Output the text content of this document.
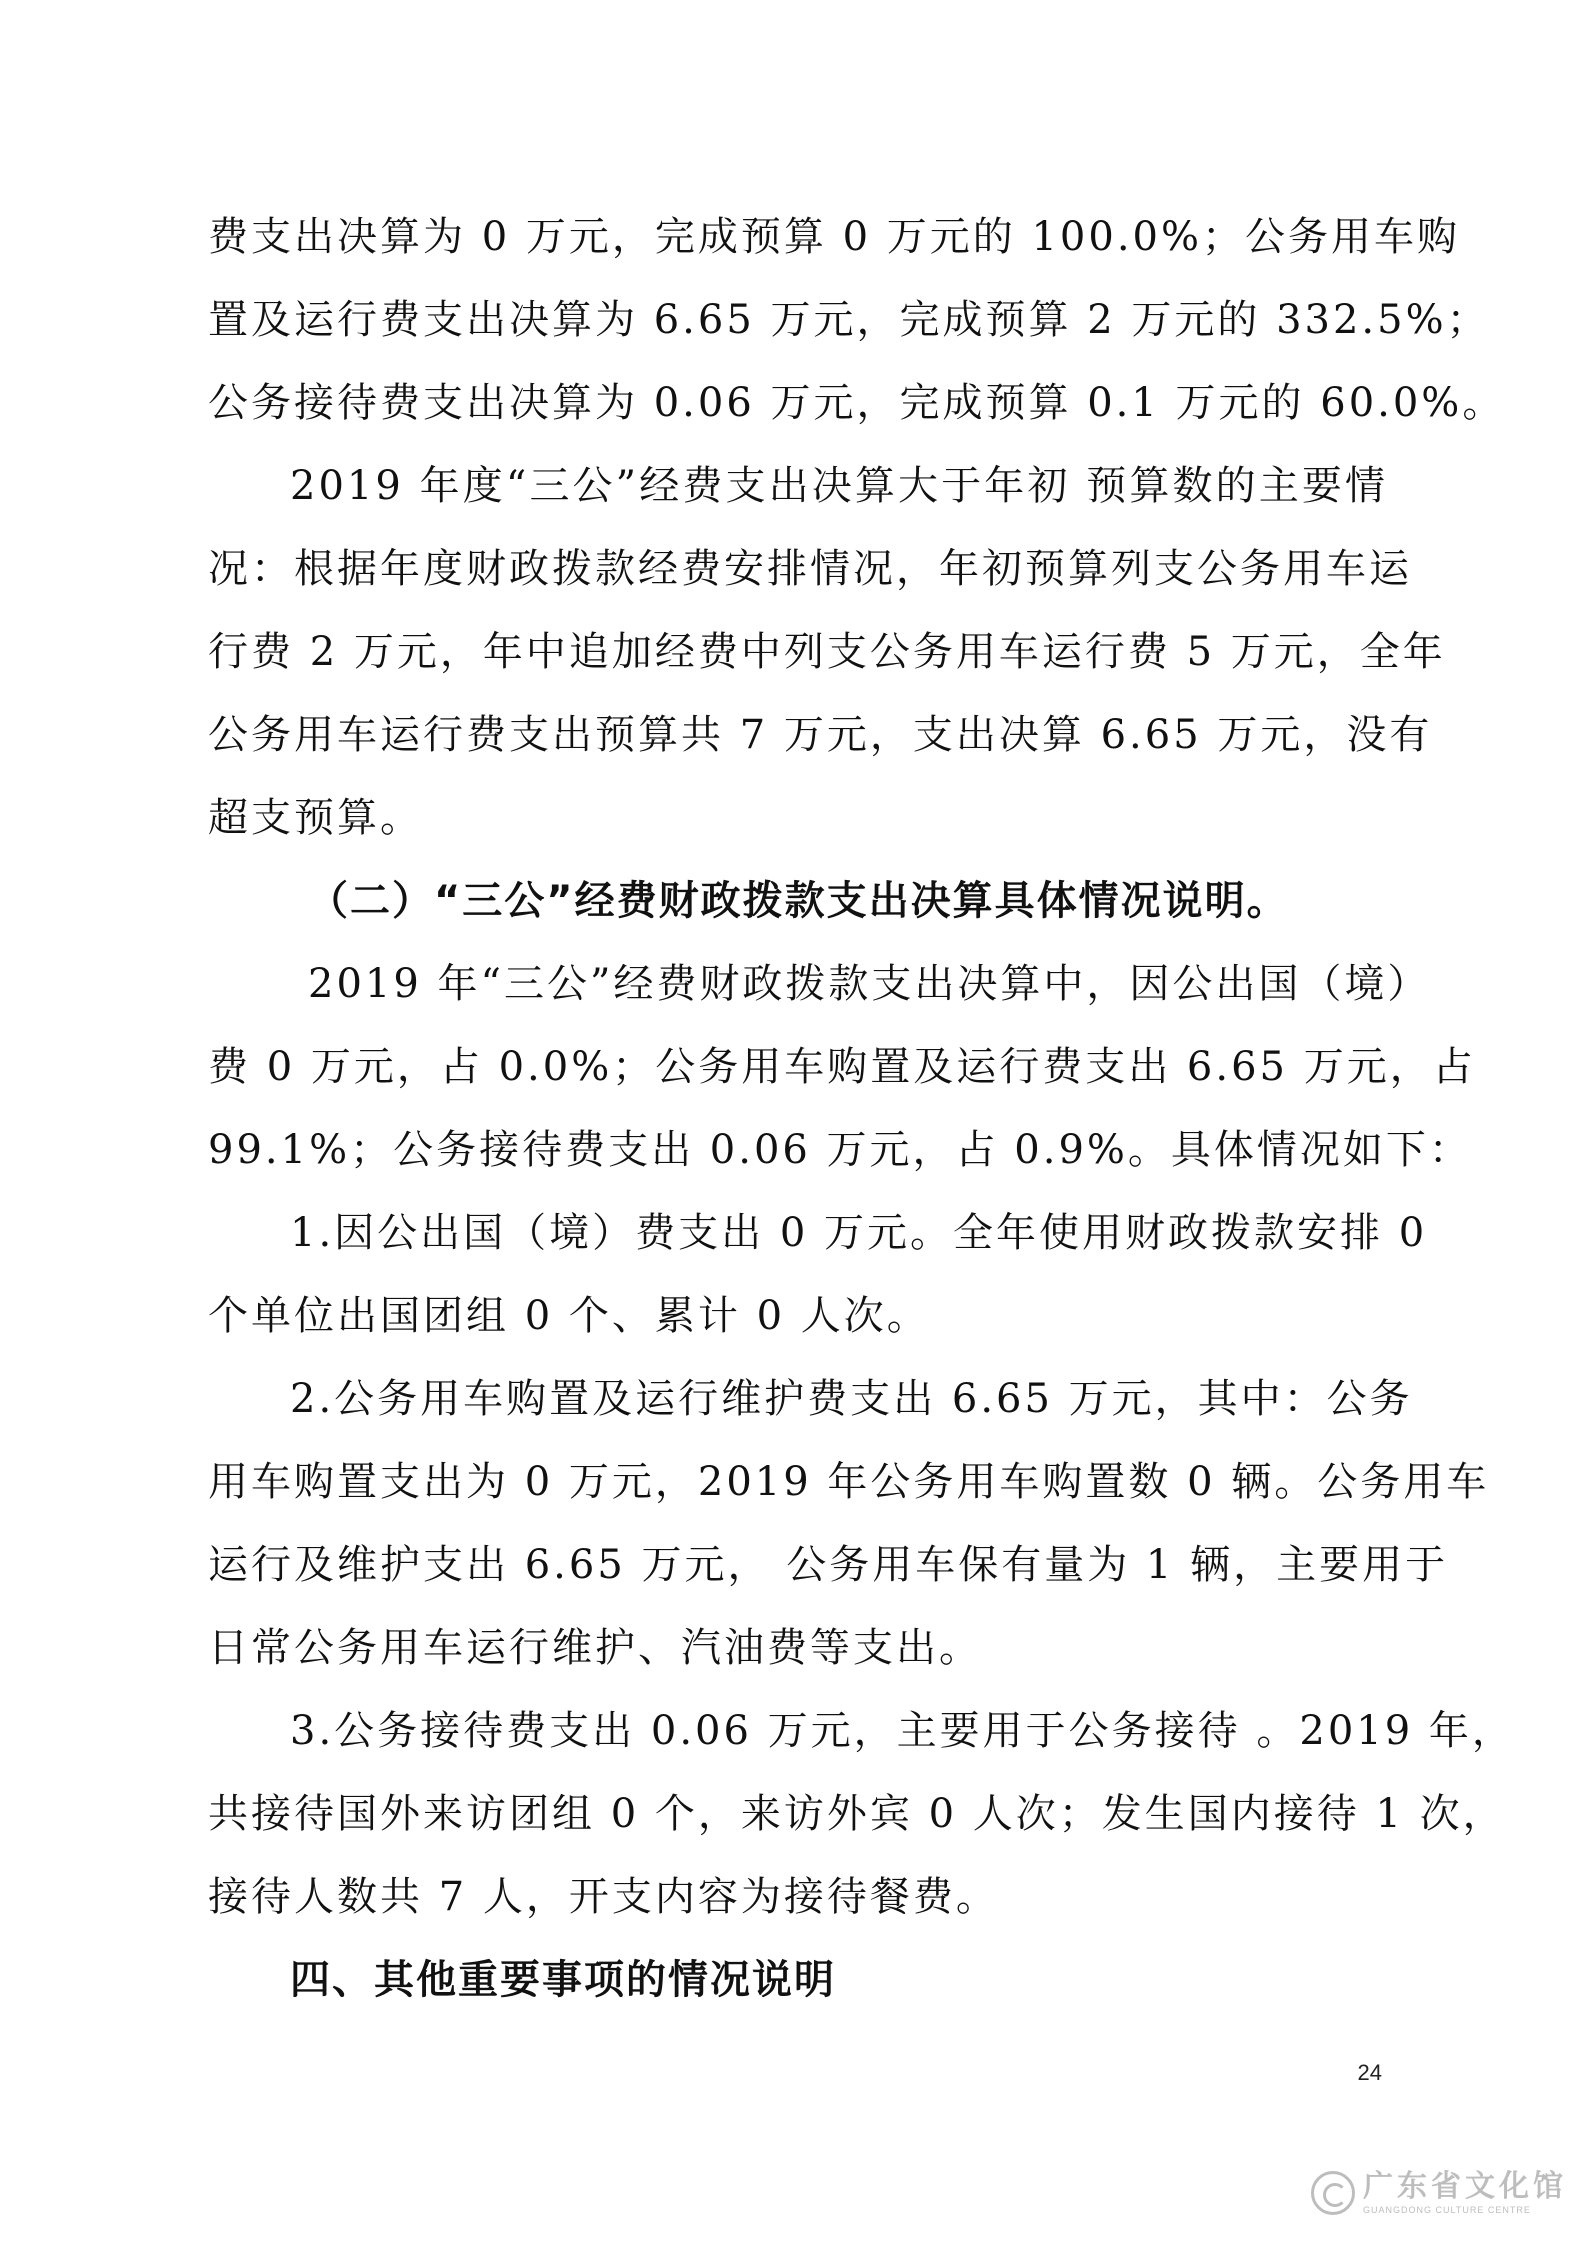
费支出决算为 0 万元，完成预算 0 万元的 100.0%；公务用车购
置及运行费支出决算为 6.65 万元，完成预算 2 万元的 332.5%；
公务接待费支出决算为 0.06 万元，完成预算 0.1 万元的 60.0%。
2019 年度“三公”经费支出决算大于年初 预算数的主要情
况：根据年度财政拨款经费安排情况，年初预算列支公务用车运
行费 2 万元，年中追加经费中列支公务用车运行费 5 万元，全年
公务用车运行费支出预算共 7 万元，支出决算 6.65 万元，没有
超支预算。
（二）“三公”经费财政拨款支出决算具体情况说明。
2019 年“三公”经费财政拨款支出决算中，因公出国（境）
费 0 万元，占 0.0%；公务用车购置及运行费支出 6.65 万元，占
99.1%；公务接待费支出 0.06 万元，占 0.9%。具体情况如下：
1.因公出国（境）费支出 0 万元。全年使用财政拨款安排 0
个单位出国团组 0 个、累计 0 人次。
2.公务用车购置及运行维护费支出 6.65 万元，其中：公务
用车购置支出为 0 万元，2019 年公务用车购置数 0 辆。公务用车
运行及维护支出 6.65 万元， 公务用车保有量为 1 辆，主要用于
日常公务用车运行维护、汽油费等支出。
3.公务接待费支出 0.06 万元，主要用于公务接待 。2019 年，
共接待国外来访团组 0 个，来访外宾 0 人次；发生国内接待 1 次，
接待人数共 7 人，开支内容为接待餐费。
四、其他重要事项的情况说明
24
广东省文化馆
GUANGDONG CULTURE CENTRE
